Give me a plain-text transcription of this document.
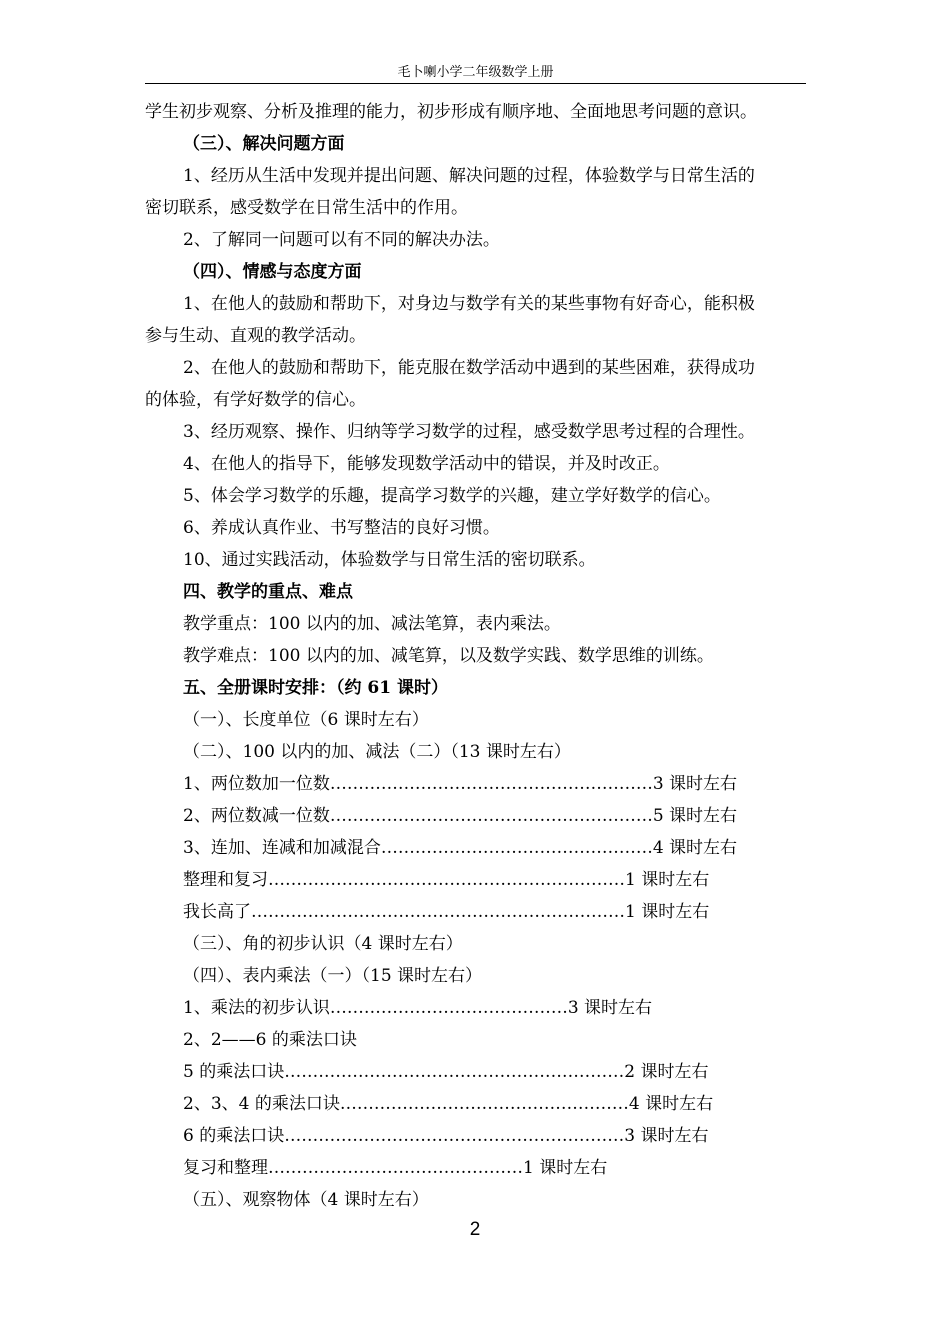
毛卜喇小学二年级数学上册
学生初步观察、分析及推理的能力，初步形成有顺序地、全面地思考问题的意识。
（三）、解决问题方面
1、经历从生活中发现并提出问题、解决问题的过程，体验数学与日常生活的
密切联系，感受数学在日常生活中的作用。
2、了解同一问题可以有不同的解决办法。
（四）、情感与态度方面
1、在他人的鼓励和帮助下，对身边与数学有关的某些事物有好奇心，能积极
参与生动、直观的教学活动。
2、在他人的鼓励和帮助下，能克服在数学活动中遇到的某些困难，获得成功
的体验，有学好数学的信心。
3、经历观察、操作、归纳等学习数学的过程，感受数学思考过程的合理性。
4、在他人的指导下，能够发现数学活动中的错误，并及时改正。
5、体会学习数学的乐趣，提高学习数学的兴趣，建立学好数学的信心。
6、养成认真作业、书写整洁的良好习惯。
10、通过实践活动，体验数学与日常生活的密切联系。
四、教学的重点、难点
教学重点：100 以内的加、减法笔算，表内乘法。
教学难点：100 以内的加、减笔算，以及数学实践、数学思维的训练。
五、全册课时安排：（约 61 课时）
（一）、长度单位（6 课时左右）
（二）、100 以内的加、减法（二）（13 课时左右）
1、两位数加一位数…………………………………………………3 课时左右
2、两位数减一位数…………………………………………………5 课时左右
3、连加、连减和加减混合…………………………………………4 课时左右
整理和复习………………………………………………………1 课时左右
我长高了…………………………………………………………1 课时左右
（三）、角的初步认识（4 课时左右）
（四）、表内乘法（一）（15 课时左右）
1、乘法的初步认识……………………………………3 课时左右
2、2——6 的乘法口诀
5 的乘法口诀……………………………………………………2 课时左右
2、3、4 的乘法口诀……………………………………………4 课时左右
6 的乘法口诀……………………………………………………3 课时左右
复习和整理………………………………………1 课时左右
（五）、观察物体（4 课时左右）
2
